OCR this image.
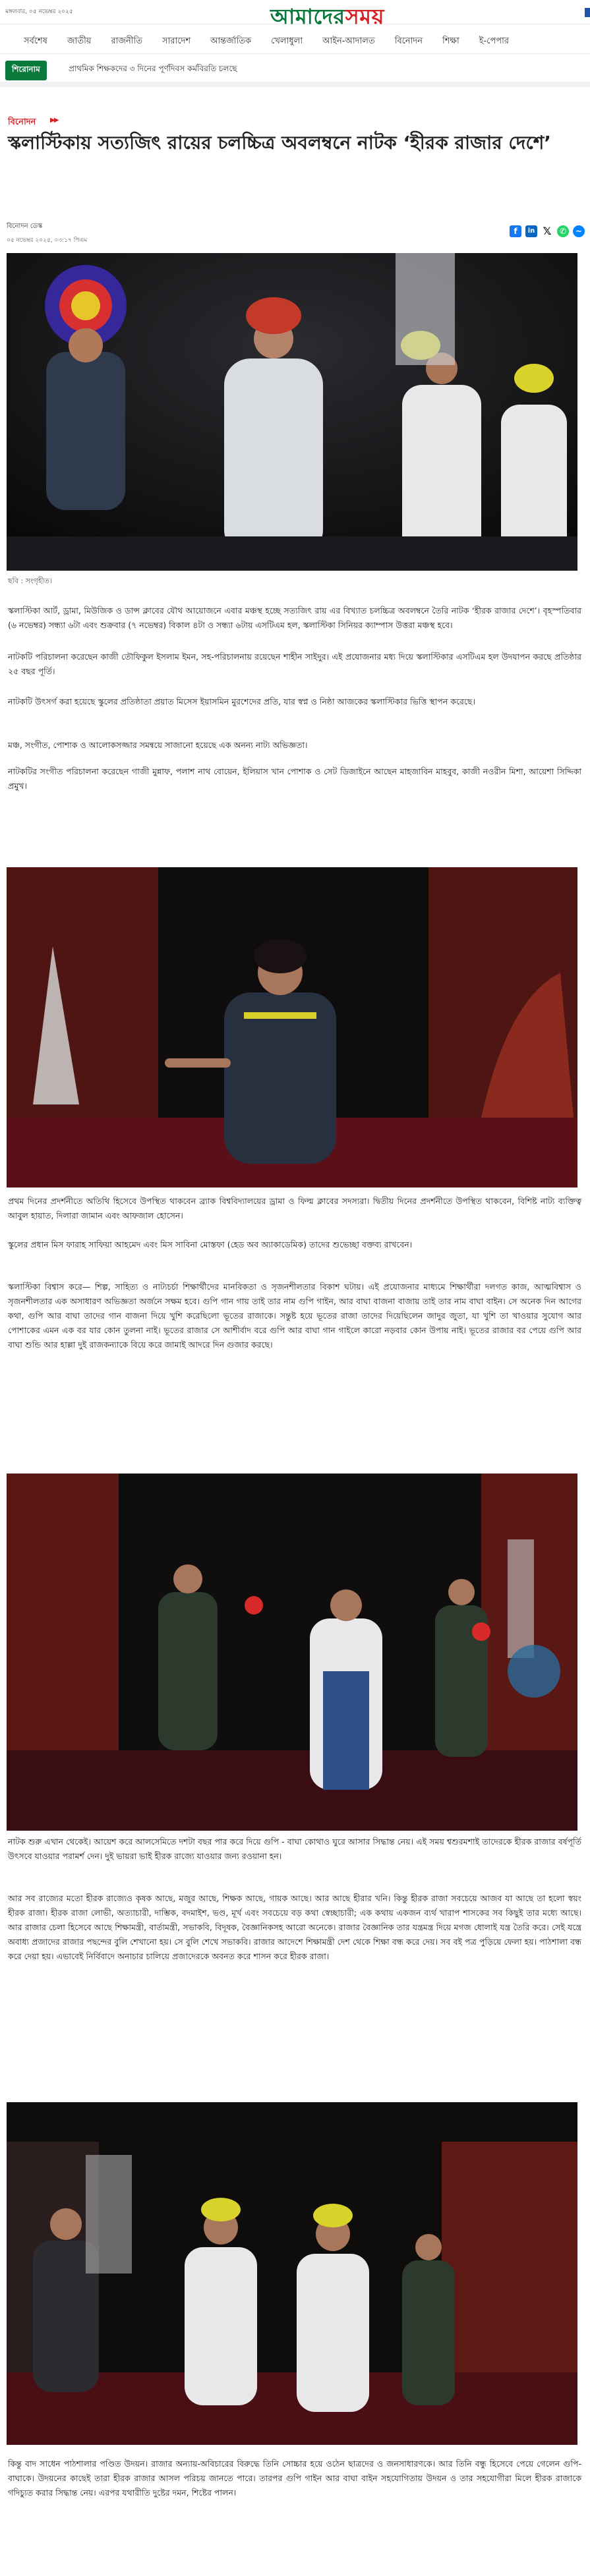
মঙ্গলবার, ০৫ নভেম্বর ২০২৫	আমাদেরসময়
সর্বশেষ জাতীয় রাজনীতি সারাদেশ আন্তর্জাতিক খেলাধুলা আইন-আদালত বিনোদন শিক্ষা ই-পেপার
শিরোনাম	প্রাথমিক শিক্ষকদের ৩ দিনের পূর্ণদিবস কর্মবিরতি চলছে
বিনোদন ▶▶
স্কলাস্টিকায় সত্যজিৎ রায়ের চলচ্চিত্র অবলম্বনে নাটক ‘হীরক রাজার দেশে’
বিনোদন ডেস্ক
০৫ নভেম্বর ২০২৫, ০৩:১৭ পিএম
f	in 𝕏	✆	~
ছবি : সংগৃহীত।

স্কলাস্টিকা আর্ট, ড্রামা, মিউজিক ও ডান্স ক্লাবের যৌথ আয়োজনে এবার মঞ্চস্থ হচ্ছে সত্যজিৎ রায় এর বিখ্যাত চলচ্চিত্র অবলম্বনে তৈরি নাটক ‘হীরক রাজার দেশে’। বৃহস্পতিবার (৬ নভেম্বর) সন্ধ্যা ৬টা এবং শুক্রবার (৭ নভেম্বর) বিকাল ৪টা ও সন্ধ্যা ৬টায় এসটিএম হল, স্কলাস্টিকা সিনিয়র ক্যাম্পাস উত্তরা মঞ্চস্থ হবে।

নাটকটি পরিচালনা করেছেন কাজী তৌফিকুল ইসলাম ইমন, সহ-পরিচালনায় রয়েছেন শাহীন সাইদুর। এই প্রযোজনার মধ্য দিয়ে স্কলাস্টিকার এসটিএম হল উদযাপন করছে প্রতিষ্ঠার ২৫ বছর পূর্তি।

নাটকটি উৎসর্গ করা হয়েছে স্কুলের প্রতিষ্ঠাতা প্রয়াত মিসেস ইয়াসমিন মুরশেদের প্রতি, যার স্বপ্ন ও নিষ্ঠা আজকের স্কলাস্টিকার ভিত্তি স্থাপন করেছে।

মঞ্চ, সংগীত, পোশাক ও আলোকসজ্জার সমন্বয়ে সাজানো হয়েছে এক অনন্য নাট্য অভিজ্ঞতা।

নাটকটির সংগীত পরিচালনা করেছেন গাজী মুন্নাফ, পলাশ নাথ বোয়েন, ইলিয়াস খান পোশাক ও সেট ডিজাইনে আছেন মাহজাবিন মাহবুব, কাজী নওরীন মিশা, আয়েশা সিদ্দিকা প্রমুখ।

প্রথম দিনের প্রদর্শনীতে অতিথি হিসেবে উপস্থিত থাকবেন ব্র্যাক বিশ্ববিদ্যালয়ের ড্রামা ও ফিল্ম ক্লাবের সদস্যরা। দ্বিতীয় দিনের প্রদর্শনীতে উপস্থিত থাকবেন, বিশিষ্ট নাট্য ব্যক্তিত্ব আবুল হায়াত, দিলারা জামান এবং আফজাল হোসেন।

স্কুলের প্রধান মিস ফারাহ সাফিয়া আহমেদ এবং মিস সাবিনা মোস্তফা (হেড অব অ্যাকাডেমিক) তাদের শুভেচ্ছা বক্তব্য রাখবেন।

স্কলাস্টিকা বিশ্বাস করে— শিল্প, সাহিত্য ও নাট্যচর্চা শিক্ষার্থীদের মানবিকতা ও সৃজনশীলতার বিকাশ ঘটায়। এই প্রযোজনার মাধ্যমে শিক্ষার্থীরা দলগত কাজ, আত্মবিশ্বাস ও সৃজনশীলতার এক অসাধারণ অভিজ্ঞতা অর্জনে সক্ষম হবে। গুপি গান গায় তাই তার নাম গুপি গাইন, আর বাঘা বাজনা বাজায় তাই তার নাম বাঘা বাইন। সে অনেক দিন আগের কথা, গুপি আর বাঘা তাদের গান বাজনা দিয়ে খুশি করেছিলো ভূতের রাজাকে। সন্তুষ্ট হয়ে ভূতের রাজা তাদের দিয়েছিলেন জাদুর জুতা, যা খুশি তা খাওয়ার সুযোগ আর পোশাকের এমন এক বর যার কোন তুলনা নাই। ভূতের রাজার সে আশীর্বাদ বরে গুপি আর বাঘা গান গাইলে কারো নড়বার কোন উপায় নাই। ভূতের রাজার বর পেয়ে গুপি আর বাঘা শুন্ডি আর হাল্লা দুই রাজকন্যাকে বিয়ে করে জামাই আদরে দিন গুজার করছে।

নাটক শুরু এখান থেকেই। আয়েশ করে আলসেমিতে দশটা বছর পার করে দিয়ে গুপি - বাঘা কোথাও ঘুরে আসার সিদ্ধান্ত নেয়। এই সময় শ্বশুরমশাই তাদেরকে হীরক রাজার বর্ষপূর্তি উৎসবে যাওয়ার পরামর্শ দেন। দুই ভায়রা ভাই হীরক রাজ্যে যাওয়ার জন্য রওয়ানা হন।

আর সব রাজ্যের মতো হীরক রাজ্যেও কৃষক আছে, মজুর আছে, শিক্ষক আছে, গায়ক আছে। আর আছে হীরার খনি। কিন্তু হীরক রাজা সবচেয়ে আজব যা আছে তা হলো স্বয়ং হীরক রাজা। হীরক রাজা লোভী, অত্যাচারী, দাম্ভিক, বদমাইশ, ভণ্ড, মূর্খ এবং সবচেয়ে বড় কথা স্বেচ্ছাচারী; এক কথায় একজন ব্যর্থ খারাপ শাসকের সব কিছুই তার মধ্যে আছে। আর রাজার চেলা হিসেবে আছে শিক্ষামন্ত্রী, বার্তামন্ত্রী, সভাকবি, বিদূষক, বৈজ্ঞানিকসহ আরো অনেকে। রাজার বৈজ্ঞানিক তার যন্ত্রমন্ত্র দিয়ে মগজ ধোলাই যন্ত্র তৈরি করে। সেই যন্ত্রে অবাধ্য প্রজাদের রাজার পছন্দের বুলি শেখানো হয়। সে বুলি শেখে সভাকবি। রাজার আদেশে শিক্ষামন্ত্রী দেশ থেকে শিক্ষা বন্ধ করে দেয়। সব বই পত্র পুড়িয়ে ফেলা হয়। পাঠশালা বন্ধ করে দেয়া হয়। এভাবেই নির্বিবাদে অনাচার চালিয়ে প্রজাদেরকে অবনত করে শাসন করে হীরক রাজা।

কিন্তু বাদ সাধেন পাঠশালার পণ্ডিত উদয়ন। রাজার অন্যায়-অবিচারের বিরুদ্ধে তিনি সোচ্চার হয়ে ওঠেন ছাত্রদের ও জনসাধারণকে। আর তিনি বন্ধু হিসেবে পেয়ে গেলেন গুপি-বাঘাকে। উদয়নের কাছেই তারা হীরক রাজার আসল পরিচয় জানতে পারে। তারপর গুপি গাইন আর বাঘা বাইন সহযোগিতায় উদয়ন ও তার সহযোগীরা মিলে হীরক রাজাকে গদিচ্যুত করার সিদ্ধান্ত নেয়। এরপর যথারীতি দুষ্টের দমন, শিষ্টের পালন।
